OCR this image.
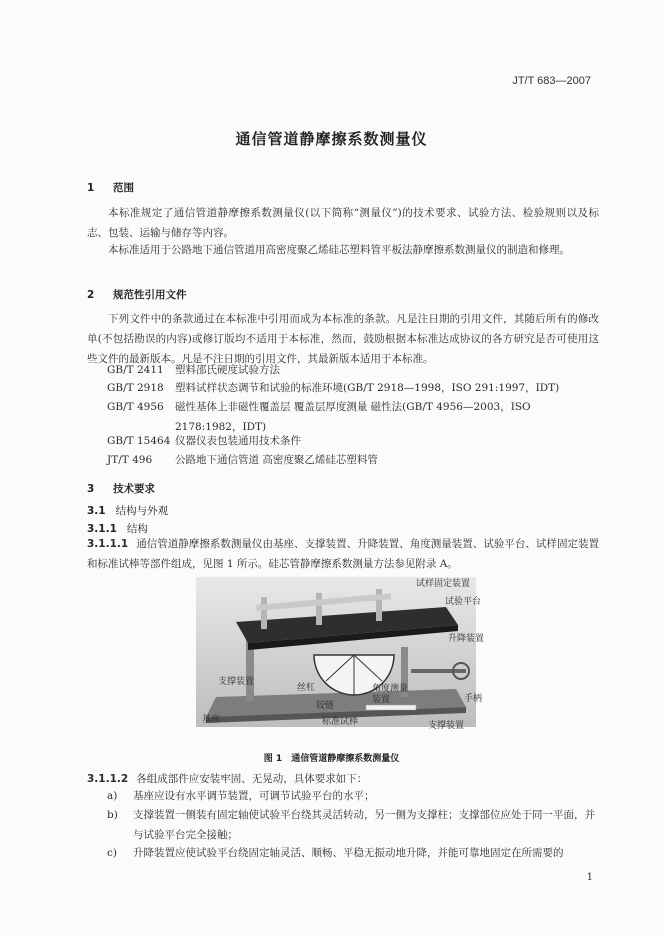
JT/T 683—2007
通信管道静摩擦系数测量仪
1 范围
本标准规定了通信管道静摩擦系数测量仪(以下简称“测量仪”)的技术要求、试验方法、检验规则以及标志、包装、运输与储存等内容。
本标准适用于公路地下通信管道用高密度聚乙烯硅芯塑料管平板法静摩擦系数测量仪的制造和修理。
2 规范性引用文件
下列文件中的条款通过在本标准中引用而成为本标准的条款。凡是注日期的引用文件，其随后所有的修改单(不包括勘误的内容)或修订版均不适用于本标准，然而，鼓励根据本标准达成协议的各方研究是否可使用这些文件的最新版本。凡是不注日期的引用文件，其最新版本适用于本标准。
GB/T 2411 塑料邵氏硬度试验方法
GB/T 2918 塑料试样状态调节和试验的标准环境(GB/T 2918—1998，ISO 291:1997，IDT)
GB/T 4956 磁性基体上非磁性覆盖层 覆盖层厚度测量 磁性法(GB/T 4956—2003，ISO 2178:1982，IDT)
GB/T 15464 仪器仪表包装通用技术条件
JT/T 496 公路地下通信管道 高密度聚乙烯硅芯塑料管
3 技术要求
3.1 结构与外观
3.1.1 结构
3.1.1.1 通信管道静摩擦系数测量仪由基座、支撑装置、升降装置、角度测量装置、试验平台、试样固定装置和标准试棒等部件组成，见图 1 所示。硅芯管静摩擦系数测量方法参见附录 A。
试样固定装置
试验平台
升降装置
支撑装置
丝杠	角度测量装置
铰链
手柄
基座	标准试棒	支撑装置
图 1　通信管道静摩擦系数测量仪
3.1.1.2 各组成部件应安装牢固、无晃动，具体要求如下：
a) 基座应设有水平调节装置，可调节试验平台的水平；
b) 支撑装置一侧装有固定轴使试验平台绕其灵活转动，另一侧为支撑柱；支撑部位应处于同一平面，并与试验平台完全接触；
c) 升降装置应使试验平台绕固定轴灵活、顺畅、平稳无振动地升降，并能可靠地固定在所需要的
1
